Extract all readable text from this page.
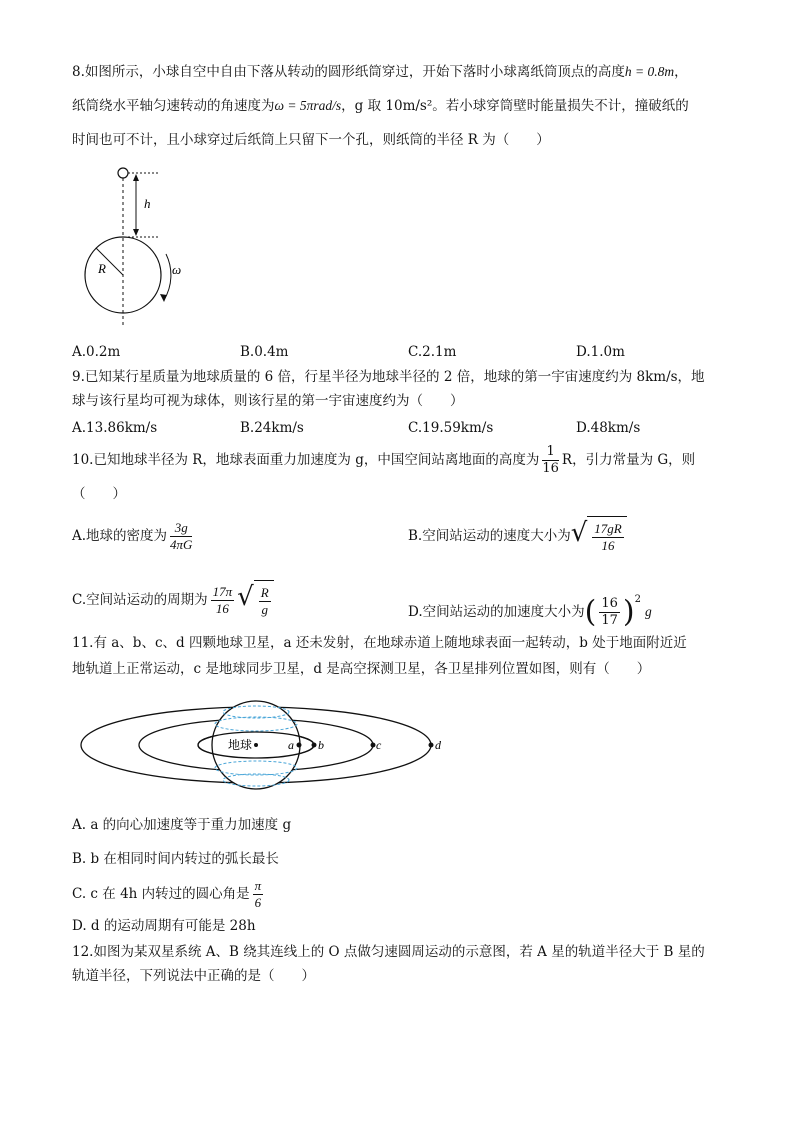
8.如图所示，小球自空中自由下落从转动的圆形纸筒穿过，开始下落时小球离纸筒顶点的高度h = 0.8m，
纸筒绕水平轴匀速转动的角速度为ω = 5πrad/s，g 取 10m/s²。若小球穿筒壁时能量损失不计，撞破纸的
时间也可不计，且小球穿过后纸筒上只留下一个孔，则纸筒的半径 R 为（　　）
h
R	ω
A.0.2m	B.0.4m	C.2.1m	D.1.0m
9.已知某行星质量为地球质量的 6 倍，行星半径为地球半径的 2 倍，地球的第一宇宙速度约为 8km/s，地
球与该行星均可视为球体，则该行星的第一宇宙速度约为（　　）
A.13.86km/s	B.24km/s	C.19.59km/s	D.48km/s
10.已知地球半径为 R，地球表面重力加速度为 g，中国空间站离地面的高度为 $\frac{1}{16}$ R，引力常量为 G，则
（　　）
A.地球的密度为 $\frac{3g}{4\pi G}$	B.空间站运动的速度大小为 √ $\frac{17gR}{16}$
C.空间站运动的周期为 $\frac{17\pi}{16}$ √ $\frac{R}{g}$	D.空间站运动的加速度大小为( $\frac{16}{17} )^2g$
11.有 a、b、c、d 四颗地球卫星，a 还未发射，在地球赤道上随地球表面一起转动，b 处于地面附近近
地轨道上正常运动，c 是地球同步卫星，d 是高空探测卫星，各卫星排列位置如图，则有（　　）
地球	a b	c	d
A. a 的向心加速度等于重力加速度 g
B. b 在相同时间内转过的弧长最长
C. c 在 4h 内转过的圆心角是 $\frac{\pi}{6}$
D. d 的运动周期有可能是 28h
12.如图为某双星系统 A、B 绕其连线上的 O 点做匀速圆周运动的示意图，若 A 星的轨道半径大于 B 星的
轨道半径，下列说法中正确的是（　　）
